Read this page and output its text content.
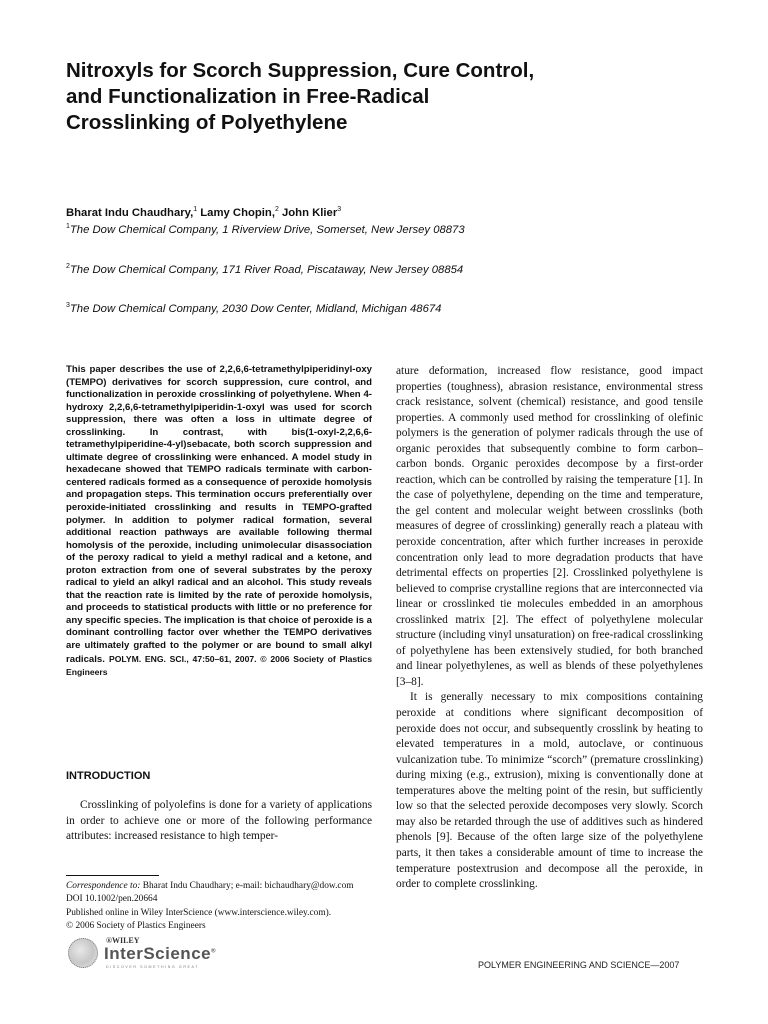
Nitroxyls for Scorch Suppression, Cure Control,
and Functionalization in Free-Radical
Crosslinking of Polyethylene
Bharat Indu Chaudhary,$^1$ Lamy Chopin,$^2$ John Klier$^3$
$^1$The Dow Chemical Company, 1 Riverview Drive, Somerset, New Jersey 08873
$^2$The Dow Chemical Company, 171 River Road, Piscataway, New Jersey 08854
$^3$The Dow Chemical Company, 2030 Dow Center, Midland, Michigan 48674

This paper describes the use of 2,2,6,6-tetramethylpiperidinyl-oxy (TEMPO) derivatives for scorch suppression, cure control, and functionalization in peroxide crosslinking of polyethylene. When 4-hydroxy 2,2,6,6-tetramethylpiperidin-1-oxyl was used for scorch suppression, there was often a loss in ultimate degree of crosslinking. In contrast, with bis(1-oxyl-2,2,6,6-tetramethylpiperidine-4-yl)sebacate, both scorch suppression and ultimate degree of crosslinking were enhanced. A model study in hexadecane showed that TEMPO radicals terminate with carbon-centered radicals formed as a consequence of peroxide homolysis and propagation steps. This termination occurs preferentially over peroxide-initiated crosslinking and results in TEMPO-grafted polymer. In addition to polymer radical formation, several additional reaction pathways are available following thermal homolysis of the peroxide, including unimolecular disassociation of the peroxy radical to yield a methyl radical and a ketone, and proton extraction from one of several substrates by the peroxy radical to yield an alkyl radical and an alcohol. This study reveals that the reaction rate is limited by the rate of peroxide homolysis, and proceeds to statistical products with little or no preference for any specific species. The implication is that choice of peroxide is a dominant controlling factor over whether the TEMPO derivatives are ultimately grafted to the polymer or are bound to small alkyl radicals. POLYM. ENG. SCI., 47:50–61, 2007. © 2006 Society of Plastics Engineers

INTRODUCTION

Crosslinking of polyolefins is done for a variety of applications in order to achieve one or more of the following performance attributes: increased resistance to high temper-

ature deformation, increased flow resistance, good impact properties (toughness), abrasion resistance, environmental stress crack resistance, solvent (chemical) resistance, and good tensile properties. A commonly used method for crosslinking of olefinic polymers is the generation of polymer radicals through the use of organic peroxides that subsequently combine to form carbon–carbon bonds. Organic peroxides decompose by a first-order reaction, which can be controlled by raising the temperature [1]. In the case of polyethylene, depending on the time and temperature, the gel content and molecular weight between crosslinks (both measures of degree of crosslinking) generally reach a plateau with peroxide concentration, after which further increases in peroxide concentration only lead to more degradation products that have detrimental effects on properties [2]. Crosslinked polyethylene is believed to comprise crystalline regions that are interconnected via linear or crosslinked tie molecules embedded in an amorphous crosslinked matrix [2]. The effect of polyethylene molecular structure (including vinyl unsaturation) on free-radical crosslinking of polyethylene has been extensively studied, for both branched and linear polyethylenes, as well as blends of these polyethylenes [3–8].

It is generally necessary to mix compositions containing peroxide at conditions where significant decomposition of peroxide does not occur, and subsequently crosslink by heating to elevated temperatures in a mold, autoclave, or continuous vulcanization tube. To minimize “scorch” (premature crosslinking) during mixing (e.g., extrusion), mixing is conventionally done at temperatures above the melting point of the resin, but sufficiently low so that the selected peroxide decomposes very slowly. Scorch may also be retarded through the use of additives such as hindered phenols [9]. Because of the often large size of the polyethylene parts, it then takes a considerable amount of time to increase the temperature postextrusion and decompose all the peroxide, in order to complete crosslinking.

Correspondence to: Bharat Indu Chaudhary; e-mail: bichaudhary@dow.com
DOI 10.1002/pen.20664
Published online in Wiley InterScience (www.interscience.wiley.com).
© 2006 Society of Plastics Engineers
®WILEY
InterScience®
DISCOVER SOMETHING GREAT	POLYMER ENGINEERING AND SCIENCE—2007
